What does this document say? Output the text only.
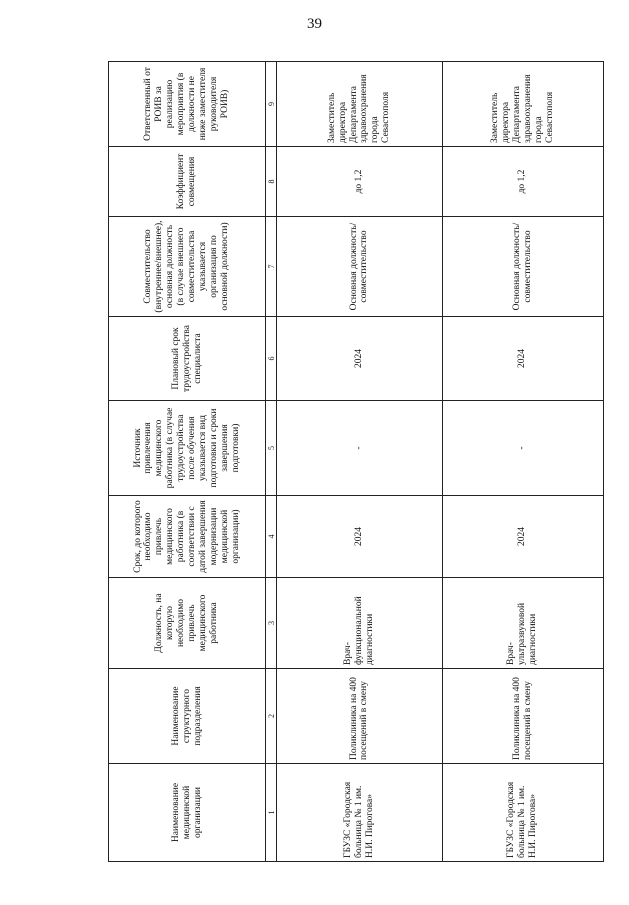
39
Наименование медицинской организации	Наименование структурного подразделения	Должность, на которую необходимо привлечь медицинского работника	Срок, до которого необходимо привлечь медицинского работника (в соответствии с датой завершения модернизации медицинской организации)	Источник привлечения медицинского работника (в случае трудоустройства после обучения указывается вид подготовки и сроки завершения подготовки)	Плановый срок трудоустройства специалиста	Совместительство (внутреннее/внешнее), основная должность (в случае внешнего совместительства указывается организация по основной должности)	Коэффициент совмещения	Ответственный от РОИВ за реализацию мероприятия (в должности не ниже заместителя руководителя РОИВ)
1	2	3	4	5	6	7	8	9
ГБУЗС «Городская больница № 1 им. Н.И. Пирогова»	Поликлиника на 400 посещений в смену	Врач-функциональной диагностики	2024	-	2024	Основная должность/ совместительство	до 1,2	Заместитель директора Департамента здравоохранения города Севастополя
ГБУЗС «Городская больница № 1 им. Н.И. Пирогова»	Поликлиника на 400 посещений в смену	Врач-ультразвуковой диагностики	2024	-	2024	Основная должность/ совместительство	до 1,2	Заместитель директора Департамента здравоохранения города Севастополя
